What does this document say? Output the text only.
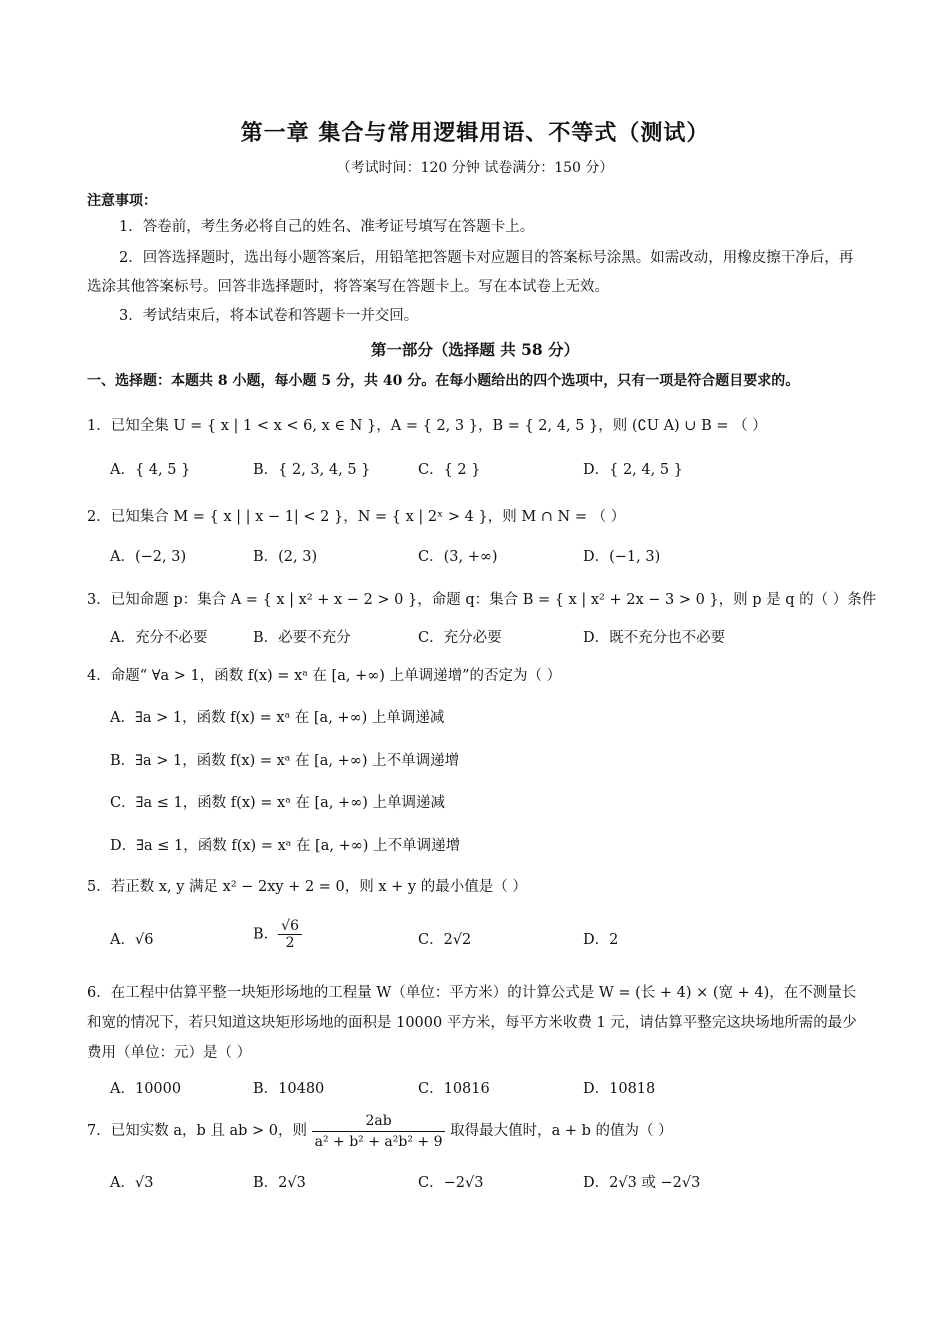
第一章 集合与常用逻辑用语、不等式（测试）
（考试时间：120 分钟 试卷满分：150 分）
注意事项：
1．答卷前，考生务必将自己的姓名、准考证号填写在答题卡上。
2．回答选择题时，选出每小题答案后，用铅笔把答题卡对应题目的答案标号涂黑。如需改动，用橡皮擦干净后，再选涂其他答案标号。回答非选择题时，将答案写在答题卡上。写在本试卷上无效。
3．考试结束后，将本试卷和答题卡一并交回。
第一部分（选择题 共 58 分）
一、选择题：本题共 8 小题，每小题 5 分，共 40 分。在每小题给出的四个选项中，只有一项是符合题目要求的。
1．已知全集 U = { x | 1 < x < 6, x ∈ N }，A = { 2, 3 }，B = { 2, 4, 5 }，则 (∁U A) ∪ B = （ ）
A．{ 4, 5 }	B．{ 2, 3, 4, 5 }	C．{ 2 }	D．{ 2, 4, 5 }
2．已知集合 M = { x | | x − 1| < 2 }，N = { x | 2ˣ > 4 }，则 M ∩ N = （ ）
A．(−2, 3)	B．(2, 3)	C．(3, +∞)	D．(−1, 3)
3．已知命题 p：集合 A = { x | x² + x − 2 > 0 }，命题 q：集合 B = { x | x² + 2x − 3 > 0 }，则 p 是 q 的（ ）条件
A．充分不必要	B．必要不充分	C．充分必要	D．既不充分也不必要
4．命题“ ∀a > 1，函数 f(x) = xᵃ 在 [a, +∞) 上单调递增”的否定为（ ）
A．∃a > 1，函数 f(x) = xᵃ 在 [a, +∞) 上单调递减
B．∃a > 1，函数 f(x) = xᵃ 在 [a, +∞) 上不单调递增
C．∃a ≤ 1，函数 f(x) = xᵃ 在 [a, +∞) 上单调递减
D．∃a ≤ 1，函数 f(x) = xᵃ 在 [a, +∞) 上不单调递增
5．若正数 x, y 满足 x² − 2xy + 2 = 0，则 x + y 的最小值是（ ）
A．√6	B． $\frac{√6}{2}$	C．2√2	D．2
6．在工程中估算平整一块矩形场地的工程量 W（单位：平方米）的计算公式是 W = (长 + 4) × (宽 + 4)，在不测量长和宽的情况下，若只知道这块矩形场地的面积是 10000 平方米，每平方米收费 1 元，请估算平整完这块场地所需的最少费用（单位：元）是（ ）
A．10000	B．10480	C．10816	D．10818
7．已知实数 a，b 且 ab > 0，则 $\frac{2ab}{\text{a² + b² + a²b² + 9}}$ 取得最大值时，a + b 的值为（ ）
A．√3	B．2√3	C．−2√3	D．2√3 或 −2√3
